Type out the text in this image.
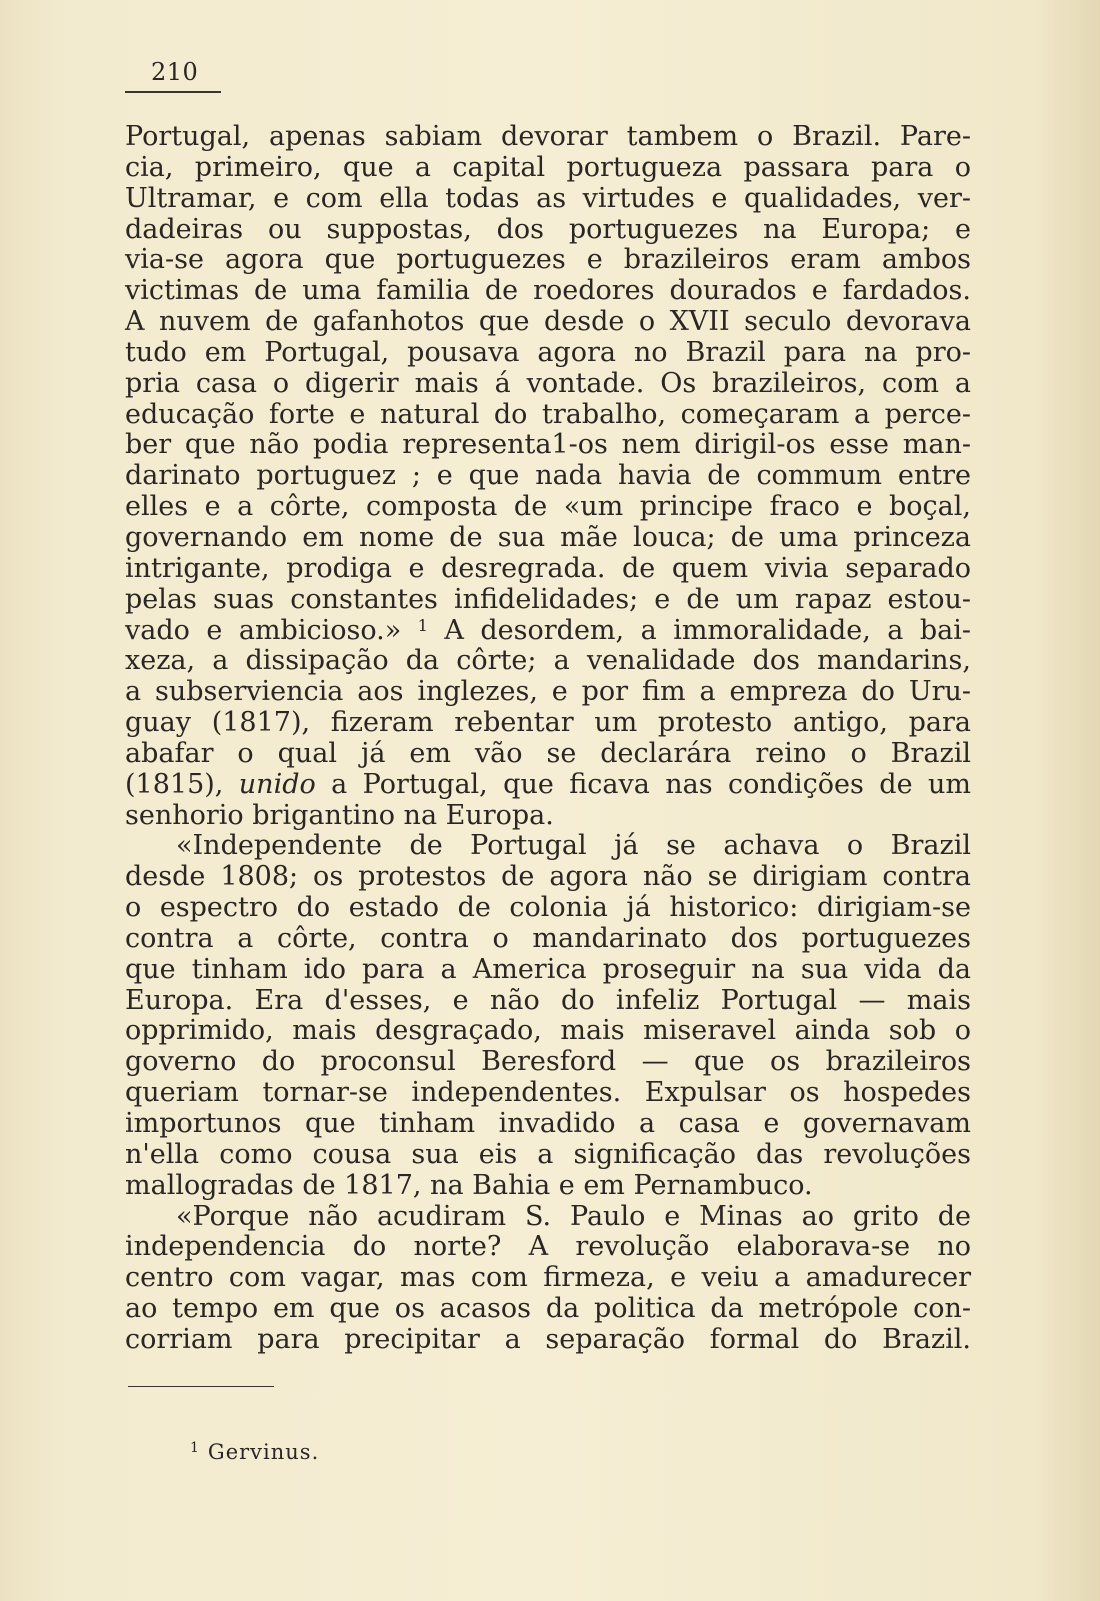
210
Portugal, apenas sabiam devorar tambem o Brazil. Pare-
cia, primeiro, que a capital portugueza passara para o
Ultramar, e com ella todas as virtudes e qualidades, ver-
dadeiras ou suppostas, dos portuguezes na Europa; e
via-se agora que portuguezes e brazileiros eram ambos
victimas de uma familia de roedores dourados e fardados.
A nuvem de gafanhotos que desde o XVII seculo devorava
tudo em Portugal, pousava agora no Brazil para na pro-
pria casa o digerir mais á vontade. Os brazileiros, com a
educação forte e natural do trabalho, começaram a perce-
ber que não podia representa1-os nem dirigil-os esse man-
darinato portuguez ; e que nada havia de commum entre
elles e a côrte, composta de «um principe fraco e boçal,
governando em nome de sua mãe louca; de uma princeza
intrigante, prodiga e desregrada. de quem vivia separado
pelas suas constantes infidelidades; e de um rapaz estou-
vado e ambicioso.» $^1$ A desordem, a immoralidade, a bai-
xeza, a dissipação da côrte; a venalidade dos mandarins,
a subserviencia aos inglezes, e por fim a empreza do Uru-
guay (1817), fizeram rebentar um protesto antigo, para
abafar o qual já em vão se declarára reino o Brazil
(1815), unido a Portugal, que ficava nas condições de um
senhorio brigantino na Europa.
«Independente de Portugal já se achava o Brazil
desde 1808; os protestos de agora não se dirigiam contra
o espectro do estado de colonia já historico: dirigiam-se
contra a côrte, contra o mandarinato dos portuguezes
que tinham ido para a America proseguir na sua vida da
Europa. Era d'esses, e não do infeliz Portugal — mais
opprimido, mais desgraçado, mais miseravel ainda sob o
governo do proconsul Beresford — que os brazileiros
queriam tornar-se independentes. Expulsar os hospedes
importunos que tinham invadido a casa e governavam
n'ella como cousa sua eis a significação das revoluções
mallogradas de 1817, na Bahia e em Pernambuco.
«Porque não acudiram S. Paulo e Minas ao grito de
independencia do norte? A revolução elaborava-se no
centro com vagar, mas com firmeza, e veiu a amadurecer
ao tempo em que os acasos da politica da metrópole con-
corriam para precipitar a separação formal do Brazil.
$^1$ Gervinus.
